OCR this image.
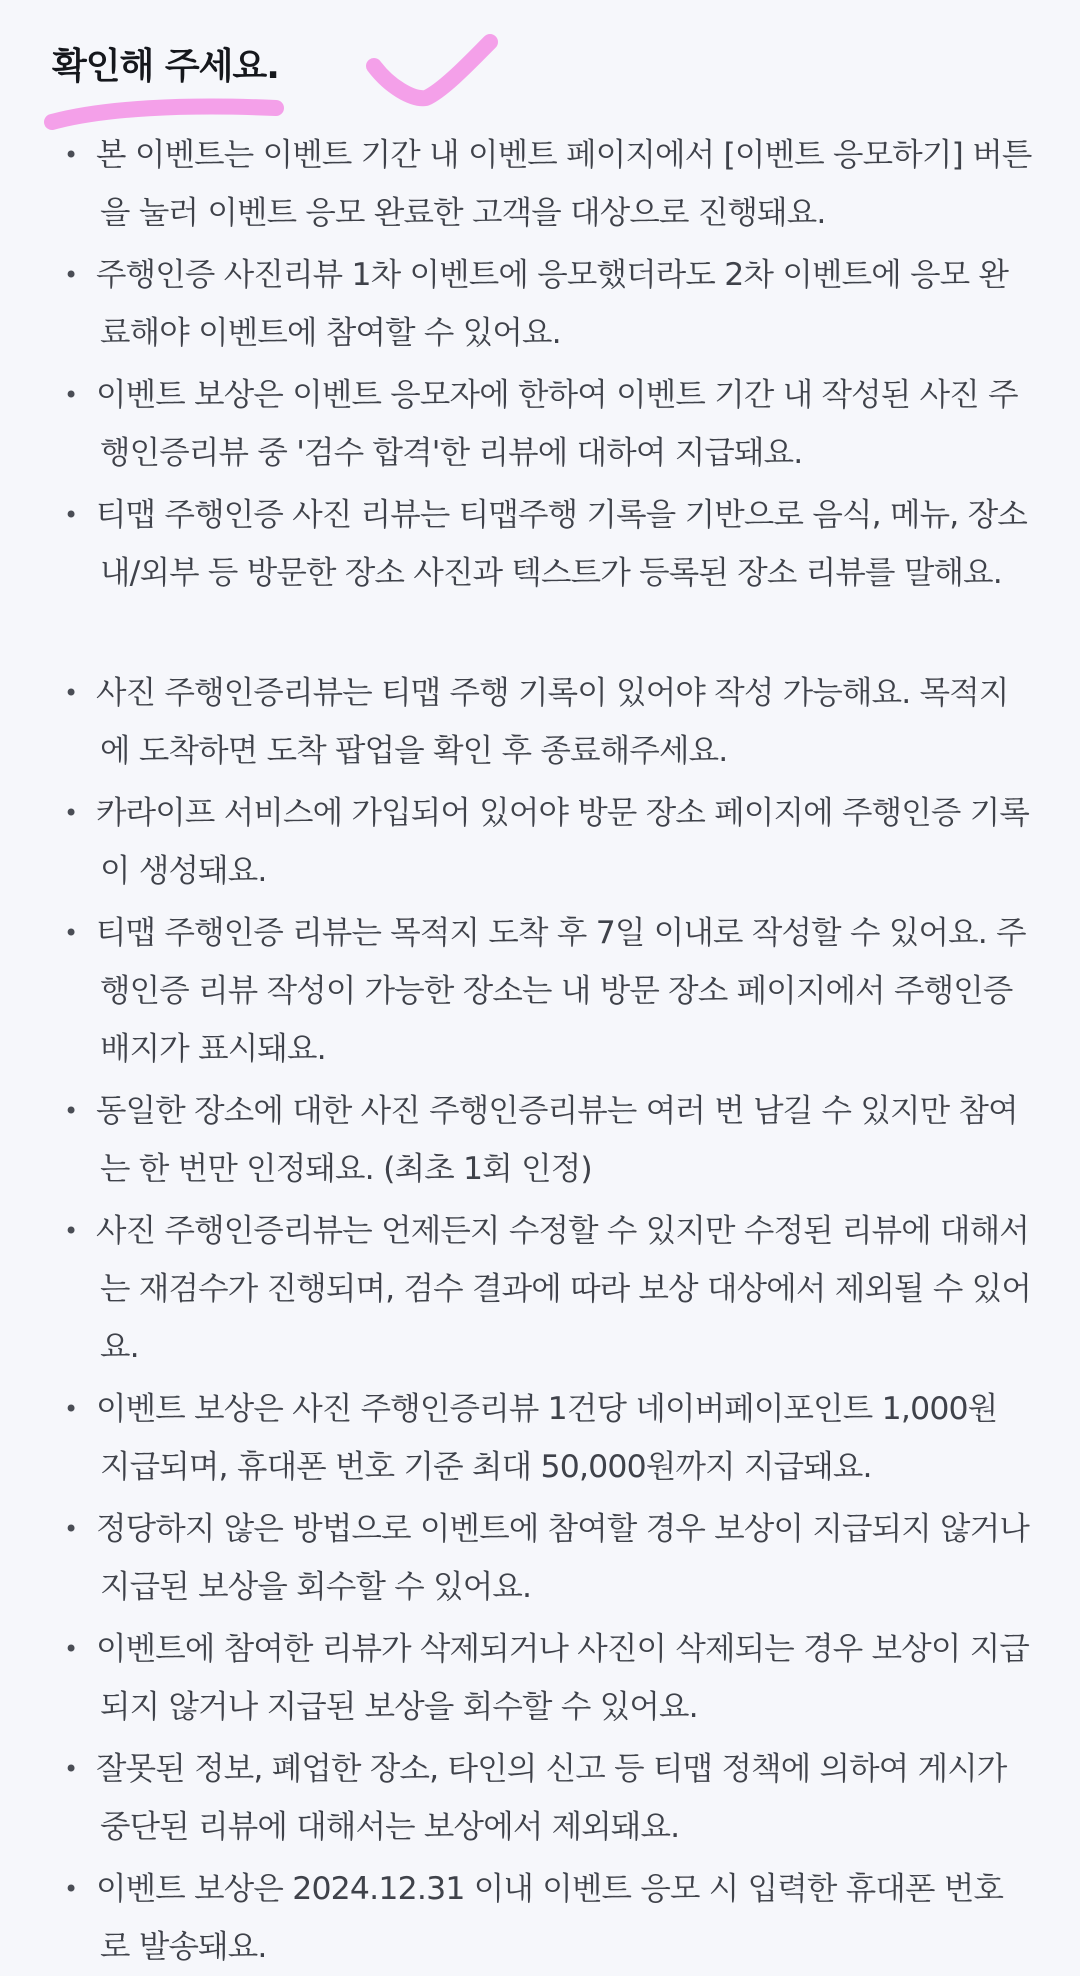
확인해 주세요.
• 본 이벤트는 이벤트 기간 내 이벤트 페이지에서 [이벤트 응모하기] 버튼을 눌러 이벤트 응모 완료한 고객을 대상으로 진행돼요.
• 주행인증 사진리뷰 1차 이벤트에 응모했더라도 2차 이벤트에 응모 완료해야 이벤트에 참여할 수 있어요.
• 이벤트 보상은 이벤트 응모자에 한하여 이벤트 기간 내 작성된 사진 주행인증리뷰 중 '검수 합격'한 리뷰에 대하여 지급돼요.
• 티맵 주행인증 사진 리뷰는 티맵주행 기록을 기반으로 음식, 메뉴, 장소 내/외부 등 방문한 장소 사진과 텍스트가 등록된 장소 리뷰를 말해요.
• 사진 주행인증리뷰는 티맵 주행 기록이 있어야 작성 가능해요. 목적지에 도착하면 도착 팝업을 확인 후 종료해주세요.
• 카라이프 서비스에 가입되어 있어야 방문 장소 페이지에 주행인증 기록이 생성돼요.
• 티맵 주행인증 리뷰는 목적지 도착 후 7일 이내로 작성할 수 있어요. 주행인증 리뷰 작성이 가능한 장소는 내 방문 장소 페이지에서 주행인증 배지가 표시돼요.
• 동일한 장소에 대한 사진 주행인증리뷰는 여러 번 남길 수 있지만 참여는 한 번만 인정돼요. (최초 1회 인정)
• 사진 주행인증리뷰는 언제든지 수정할 수 있지만 수정된 리뷰에 대해서는 재검수가 진행되며, 검수 결과에 따라 보상 대상에서 제외될 수 있어요.
• 이벤트 보상은 사진 주행인증리뷰 1건당 네이버페이포인트 1,000원 지급되며, 휴대폰 번호 기준 최대 50,000원까지 지급돼요.
• 정당하지 않은 방법으로 이벤트에 참여할 경우 보상이 지급되지 않거나 지급된 보상을 회수할 수 있어요.
• 이벤트에 참여한 리뷰가 삭제되거나 사진이 삭제되는 경우 보상이 지급되지 않거나 지급된 보상을 회수할 수 있어요.
• 잘못된 정보, 폐업한 장소, 타인의 신고 등 티맵 정책에 의하여 게시가 중단된 리뷰에 대해서는 보상에서 제외돼요.
• 이벤트 보상은 2024.12.31 이내 이벤트 응모 시 입력한 휴대폰 번호로 발송돼요.
